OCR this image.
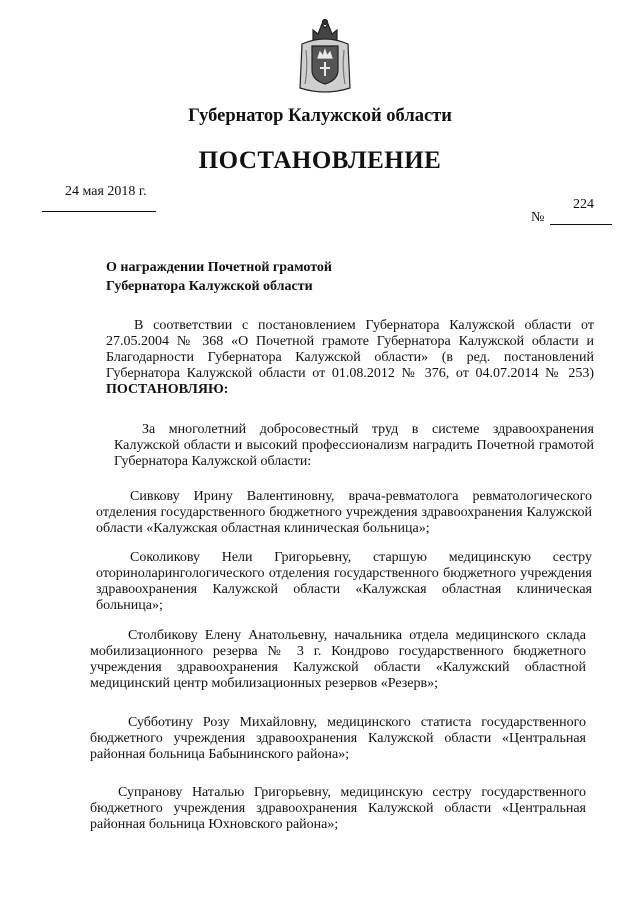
Губернатор Калужской области
ПОСТАНОВЛЕНИЕ
24 мая 2018 г.
224
№
О награждении Почетной грамотой
Губернатора Калужской области
В соответствии с постановлением Губернатора Калужской области от 27.05.2004 № 368 «О Почетной грамоте Губернатора Калужской области и Благодарности Губернатора Калужской области» (в ред. постановлений Губернатора Калужской области от 01.08.2012 № 376, от 04.07.2014 № 253) ПОСТАНОВЛЯЮ:
За многолетний добросовестный труд в системе здравоохранения Калужской области и высокий профессионализм наградить Почетной грамотой Губернатора Калужской области:
Сивкову Ирину Валентиновну, врача-ревматолога ревматологического отделения государственного бюджетного учреждения здравоохранения Калужской области «Калужская областная клиническая больница»;
Соколикову Нели Григорьевну, старшую медицинскую сестру оториноларингологического отделения государственного бюджетного учреждения здравоохранения Калужской области «Калужская областная клиническая больница»;
Столбикову Елену Анатольевну, начальника отдела медицинского склада мобилизационного резерва № 3 г. Кондрово государственного бюджетного учреждения здравоохранения Калужской области «Калужский областной медицинский центр мобилизационных резервов «Резерв»;
Субботину Розу Михайловну, медицинского статиста государственного бюджетного учреждения здравоохранения Калужской области «Центральная районная больница Бабынинского района»;
Супранову Наталью Григорьевну, медицинскую сестру государственного бюджетного учреждения здравоохранения Калужской области «Центральная районная больница Юхновского района»;
